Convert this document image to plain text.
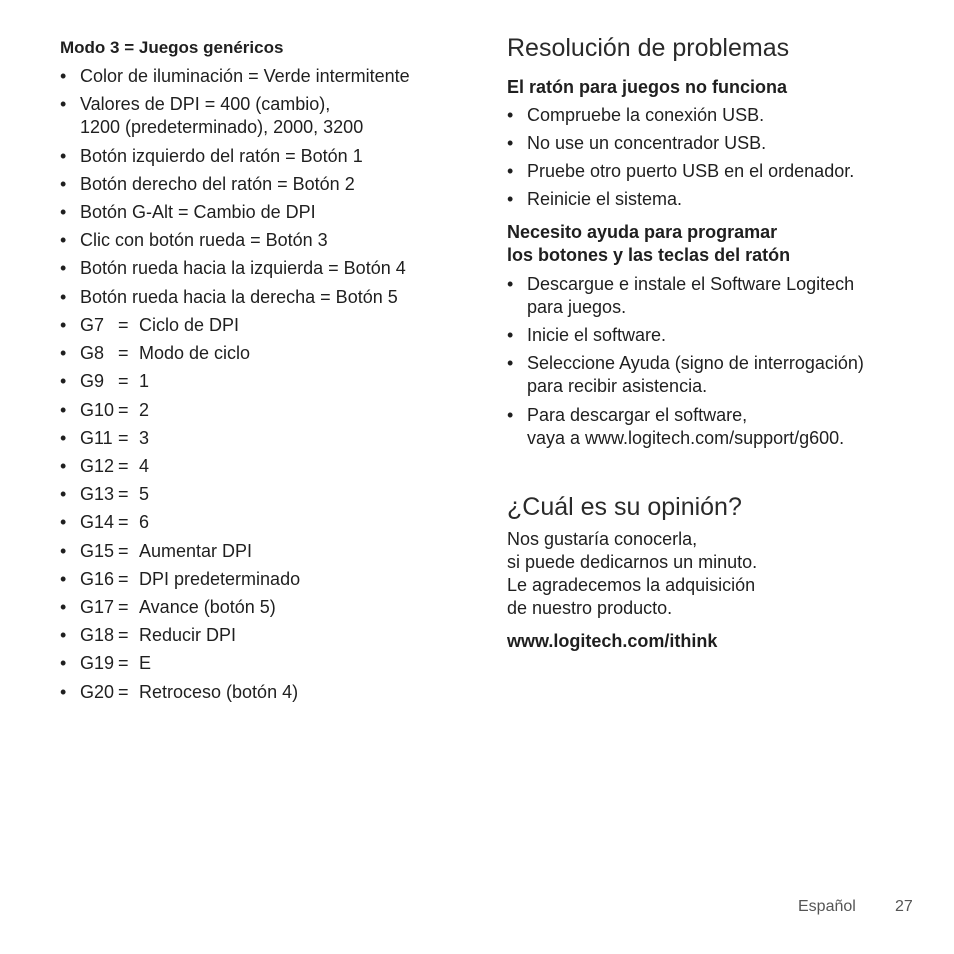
Modo 3 = Juegos genéricos
• Color de iluminación = Verde intermitente
• Valores de DPI = 400 (cambio),
1200 (predeterminado), 2000, 3200
• Botón izquierdo del ratón = Botón 1
• Botón derecho del ratón = Botón 2
• Botón G-Alt = Cambio de DPI
• Clic con botón rueda = Botón 3
• Botón rueda hacia la izquierda = Botón 4
• Botón rueda hacia la derecha = Botón 5
• G7 = Ciclo de DPI
• G8 = Modo de ciclo
• G9 = 1
• G10 = 2
• G11 = 3
• G12 = 4
• G13 = 5
• G14 = 6
• G15 = Aumentar DPI
• G16 = DPI predeterminado
• G17 = Avance (botón 5)
• G18 = Reducir DPI
• G19 = E
• G20 = Retroceso (botón 4)
Resolución de problemas
El ratón para juegos no funciona
• Compruebe la conexión USB.
• No use un concentrador USB.
• Pruebe otro puerto USB en el ordenador.
• Reinicie el sistema.
Necesito ayuda para programar
los botones y las teclas del ratón
• Descargue e instale el Software Logitech
para juegos.
• Inicie el software.
• Seleccione Ayuda (signo de interrogación)
para recibir asistencia.
• Para descargar el software,
vaya a www.logitech.com/support/g600.
¿Cuál es su opinión?
Nos gustaría conocerla,
si puede dedicarnos un minuto.
Le agradecemos la adquisición
de nuestro producto.
www.logitech.com/ithink
Español 27
